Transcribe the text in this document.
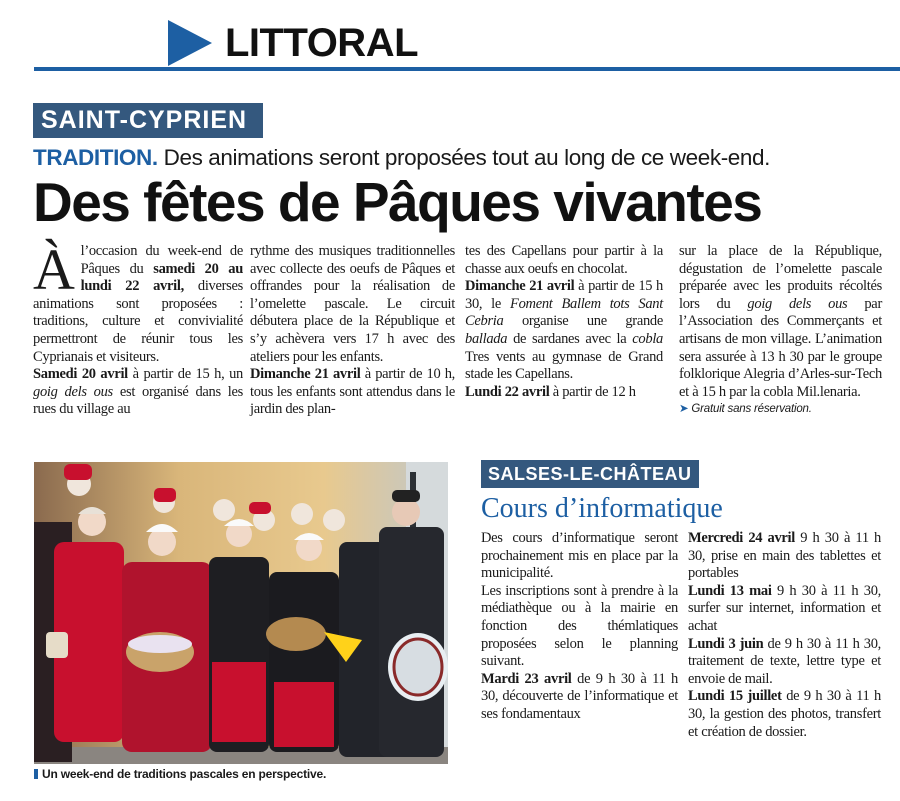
LITTORAL
SAINT-CYPRIEN
TRADITION. Des animations seront proposées tout au long de ce week-end.
Des fêtes de Pâques vivantes

Àl’occasion du week-end de Pâques du samedi 20 au lundi 22 avril, diverses animations sont proposées : traditions, culture et convivialité permettront de réunir tous les Cyprianais et visiteurs.

Samedi 20 avril à partir de 15 h, un goig dels ous est organisé dans les rues du village au

rythme des musiques traditionnelles avec collecte des oeufs de Pâques et offrandes pour la réalisation de l’omelette pascale. Le circuit débutera place de la République et s’y achèvera vers 17 h avec des ateliers pour les enfants.

Dimanche 21 avril à partir de 10 h, tous les enfants sont attendus dans le jardin des plan-

tes des Capellans pour partir à la chasse aux oeufs en chocolat.

Dimanche 21 avril à partir de 15 h 30, le Foment Ballem tots Sant Cebria organise une grande ballada de sardanes avec la cobla Tres vents au gymnase de Grand stade les Capellans.

Lundi 22 avril à partir de 12 h

sur la place de la République, dégustation de l’omelette pascale préparée avec les produits récoltés lors du goig dels ous par l’Association des Commerçants et artisans de mon village. L’animation sera assurée à 13 h 30 par le groupe folklorique Alegria d’Arles-sur-Tech et à 15 h par la cobla Mil.lenaria.

➤ Gratuit sans réservation.

Un week-end de traditions pascales en perspective.
SALSES-LE-CHÂTEAU
Cours d’informatique

Des cours d’informatique seront prochainement mis en place par la municipalité.

Les inscriptions sont à prendre à la médiathèque ou à la mairie en fonction des thémlatiques proposées selon le planning suivant.

Mardi 23 avril de 9 h 30 à 11 h 30, découverte de l’informatique et ses fondamentaux

Mercredi 24 avril 9 h 30 à 11 h 30, prise en main des tablettes et portables

Lundi 13 mai 9 h 30 à 11 h 30, surfer sur internet, information et achat

Lundi 3 juin de 9 h 30 à 11 h 30, traitement de texte, lettre type et envoie de mail.

Lundi 15 juillet de 9 h 30 à 11 h 30, la gestion des photos, transfert et création de dossier.
